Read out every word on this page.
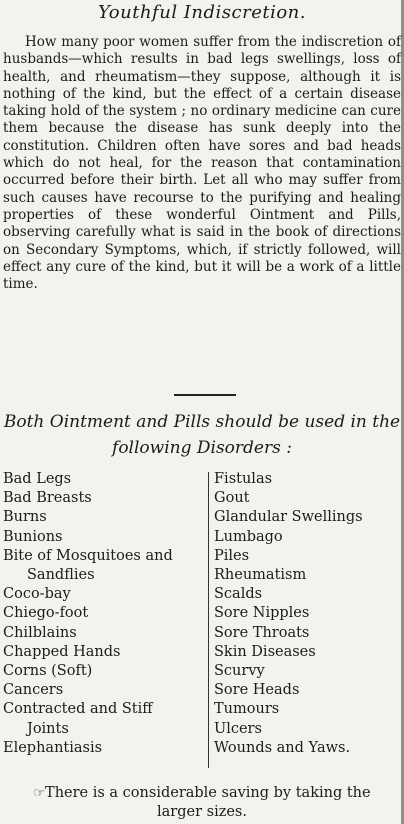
Youthful Indiscretion.

How many poor women suffer from the indiscretion of husbands—which results in bad legs swellings, loss of health, and rheumatism—they suppose, although it is nothing of the kind, but the effect of a certain disease taking hold of the system ; no ordinary medicine can cure them because the disease has sunk deeply into the constitution. Children often have sores and bad heads which do not heal, for the reason that contamination occurred before their birth. Let all who may suffer from such causes have recourse to the purifying and healing properties of these wonderful Ointment and Pills, observing carefully what is said in the book of directions on Secondary Symptoms, which, if strictly followed, will effect any cure of the kind, but it will be a work of a little time.

Both Ointment and Pills should be used in the
following Disorders :
Bad Legs
Bad Breasts
Burns
Bunions
Bite of Mosquitoes and
Sandflies
Coco-bay
Chiego-foot
Chilblains
Chapped Hands
Corns (Soft)
Cancers
Contracted and Stiff
Joints
Elephantiasis
Fistulas
Gout
Glandular Swellings
Lumbago
Piles
Rheumatism
Scalds
Sore Nipples
Sore Throats
Skin Diseases
Scurvy
Sore Heads
Tumours
Ulcers
Wounds and Yaws.
☞There is a considerable saving by taking the
larger sizes.
